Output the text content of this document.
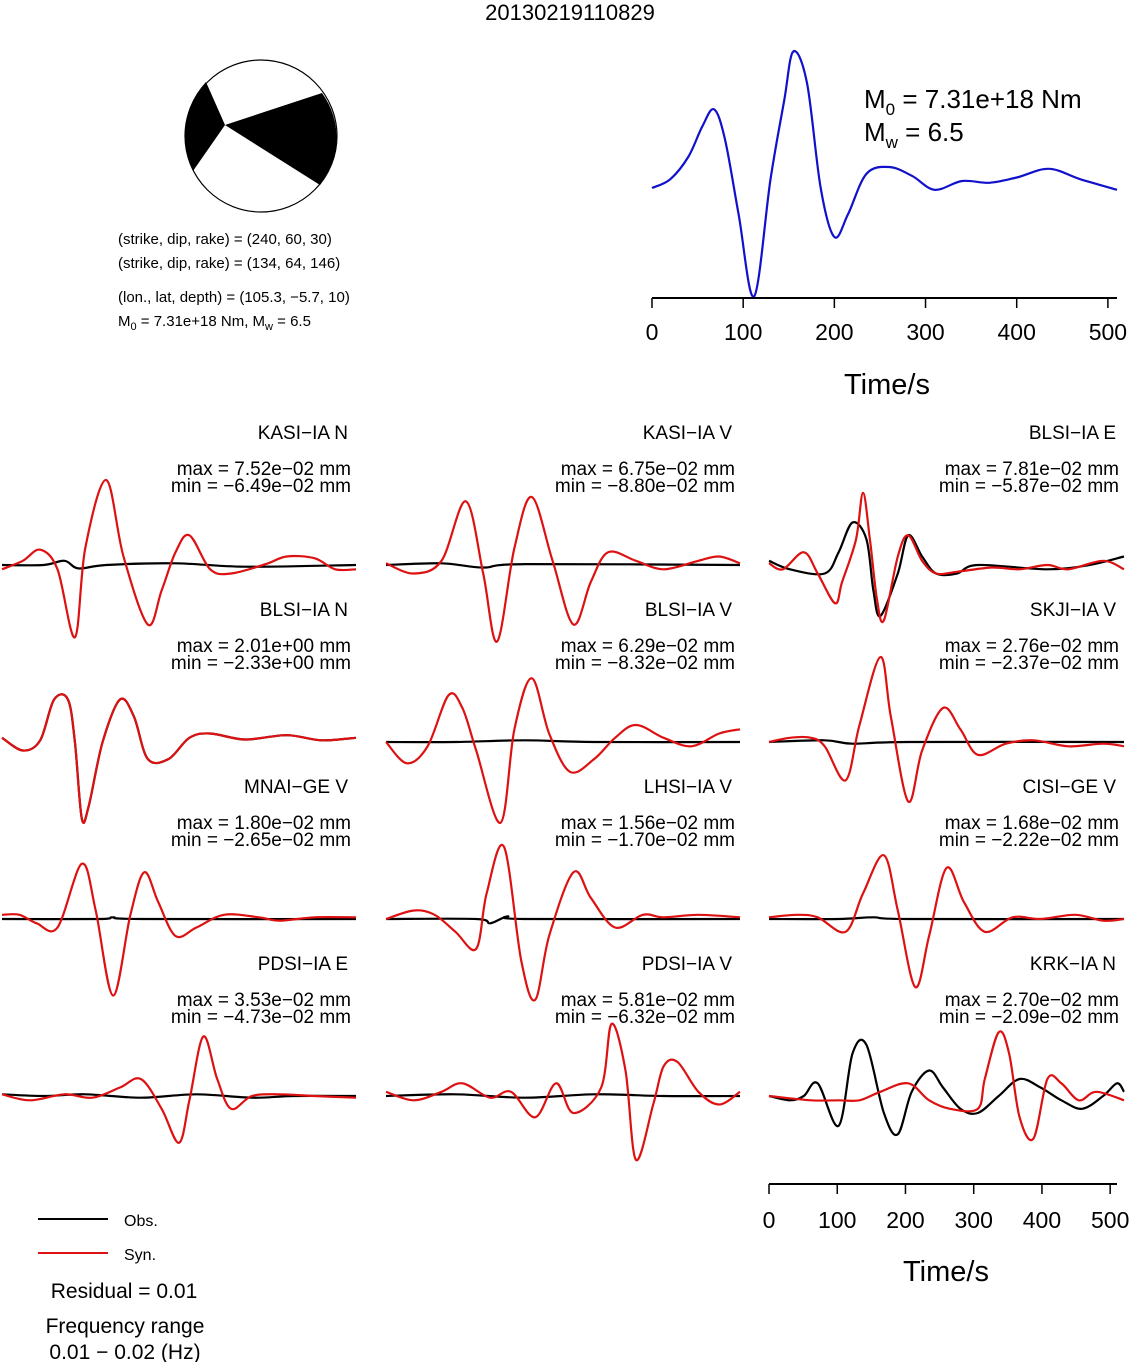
20130219110829
(strike, dip, rake) = (240, 60, 30)
(strike, dip, rake) = (134, 64, 146)
(lon., lat, depth) = (105.3, −5.7, 10)
$M_0 = 7.31e+18$ Nm, $M_w = 6.5$
$M_0 = 7.31e+18$ Nm
$M_w = 6.5$
0	100 200 300 400 500
Time/s
KASI−IA N
max = 7.52e−02 mm
min = −6.49e−02 mm
KASI−IA V
max = 6.75e−02 mm
min = −8.80e−02 mm
BLSI−IA E
max = 7.81e−02 mm
min = −5.87e−02 mm
BLSI−IA N
max = 2.01e+00 mm
min = −2.33e+00 mm
BLSI−IA V
max = 6.29e−02 mm
min = −8.32e−02 mm
SKJI−IA V
max = 2.76e−02 mm
min = −2.37e−02 mm
MNAI−GE V
max = 1.80e−02 mm
min = −2.65e−02 mm
LHSI−IA V
max = 1.56e−02 mm
min = −1.70e−02 mm
CISI−GE V
max = 1.68e−02 mm
min = −2.22e−02 mm
PDSI−IA E
max = 3.53e−02 mm
min = −4.73e−02 mm
PDSI−IA V
max = 5.81e−02 mm
min = −6.32e−02 mm
KRK−IA N
max = 2.70e−02 mm
min = −2.09e−02 mm
0 100 200 300 400 500
Time/s
Obs.
Syn.
Residual = 0.01
Frequency range
0.01 − 0.02 (Hz)
